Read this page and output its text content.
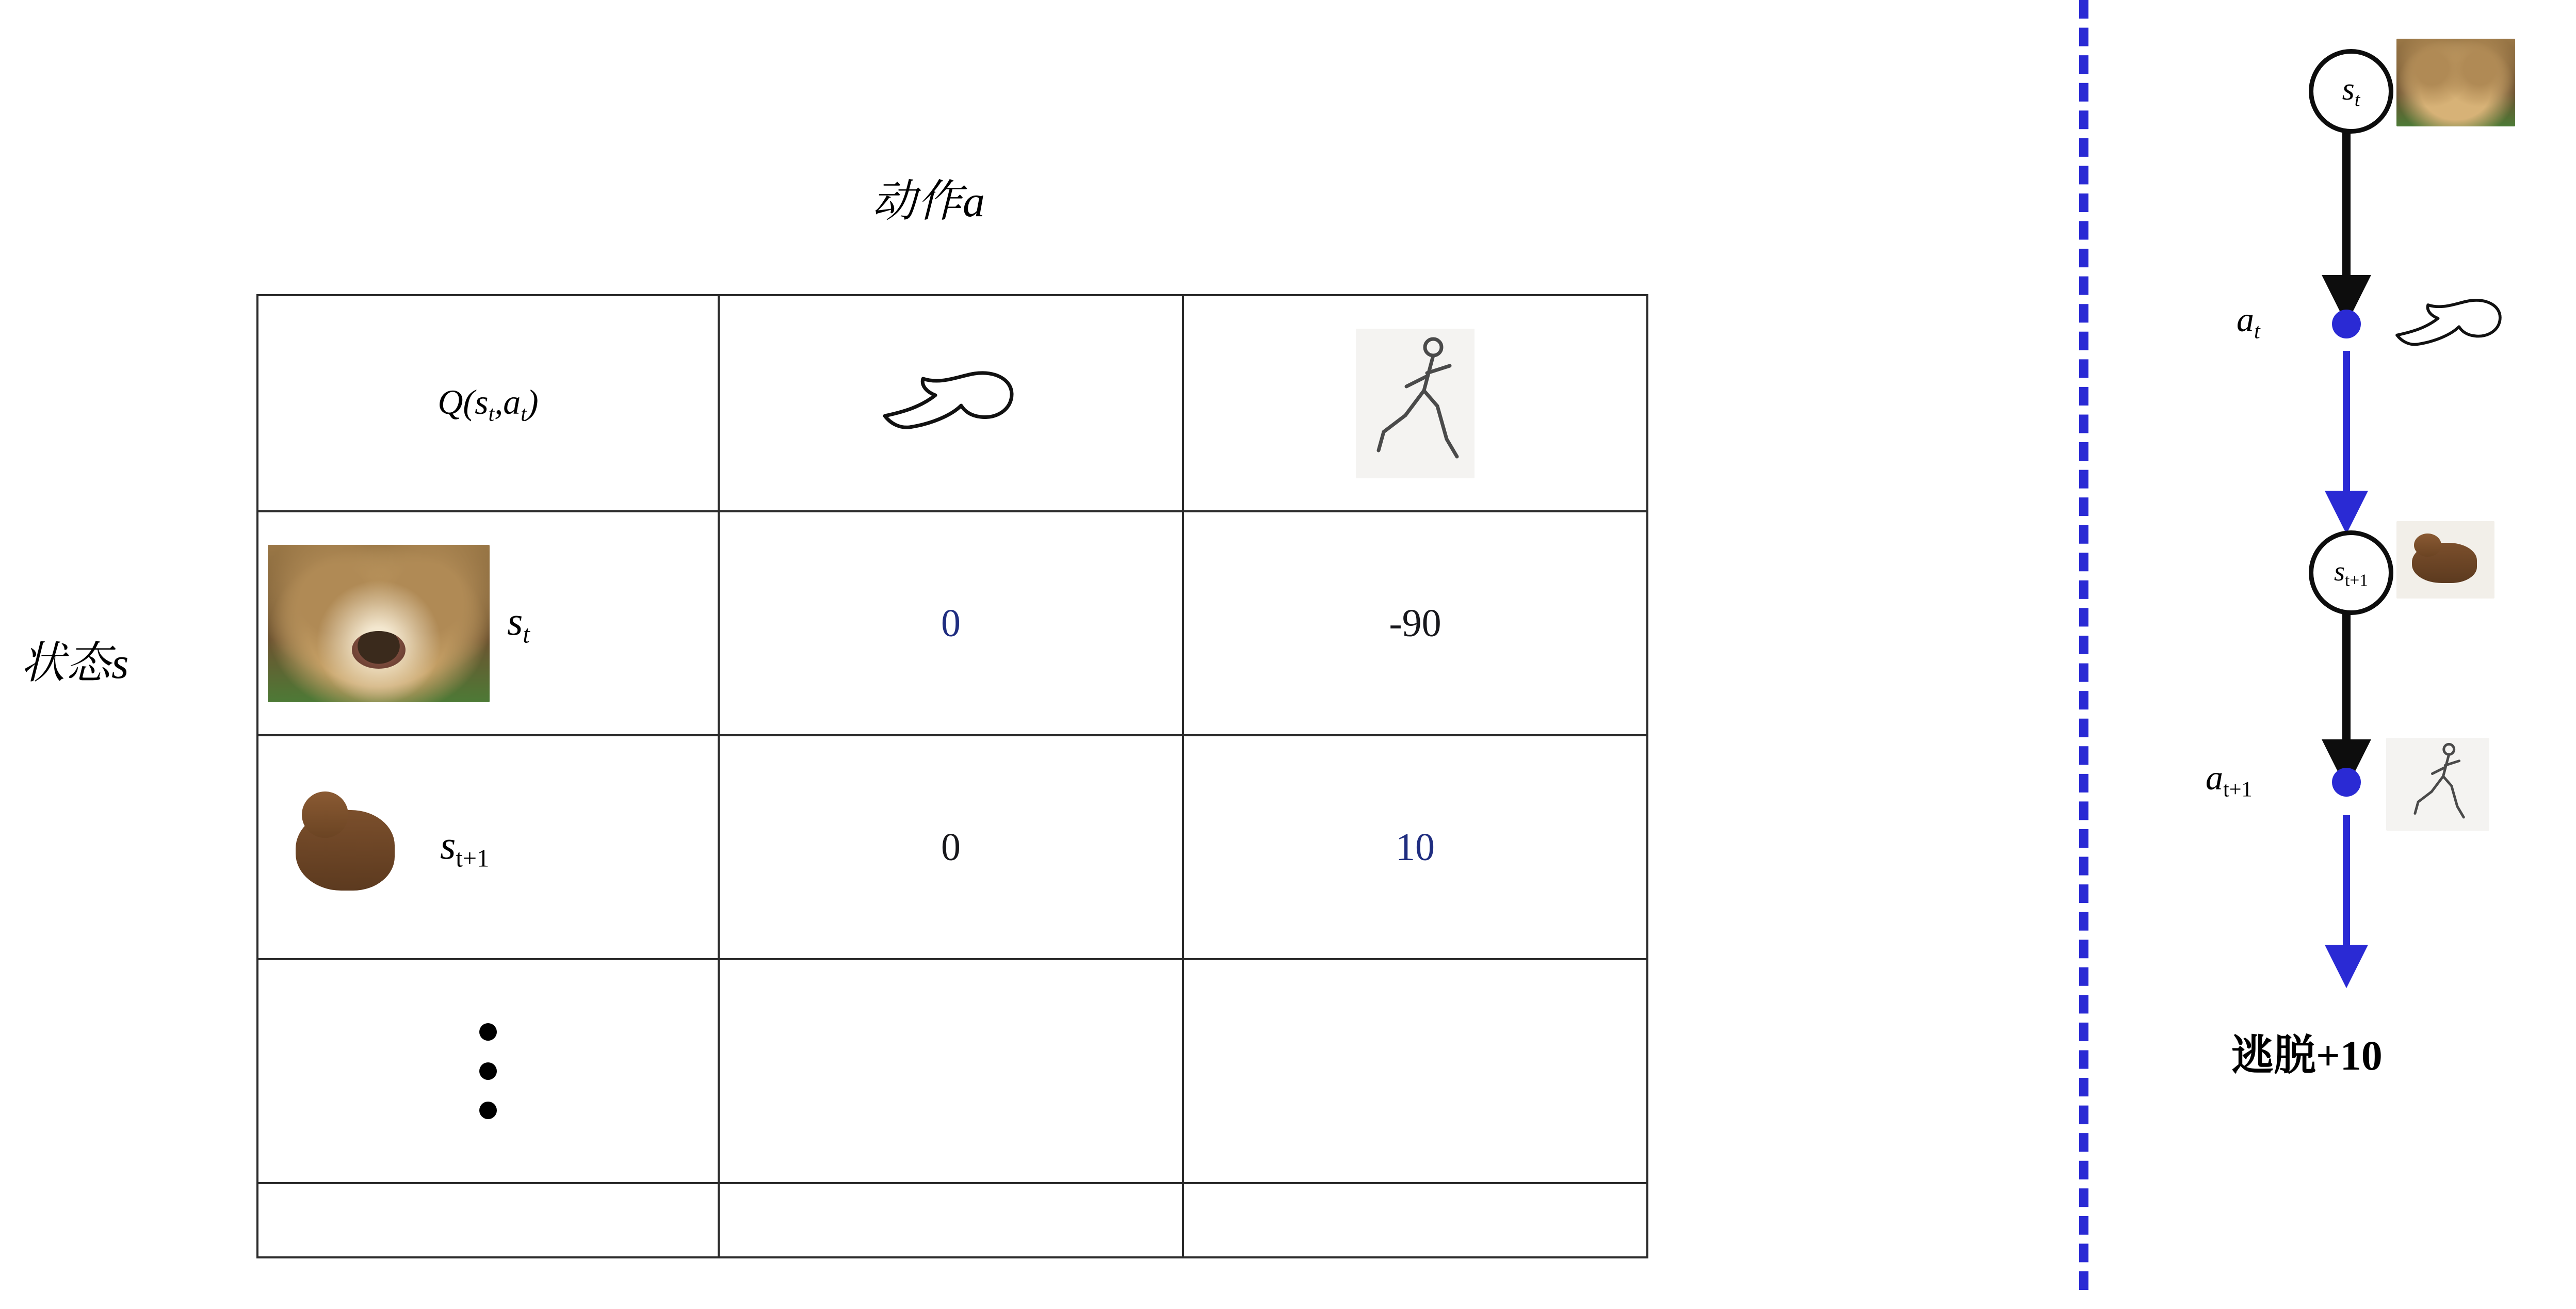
动作a
状态s
$Q(s_t,a_t)$	

$s_t$	0	-90

st+1	0	10

$s_t$
$a_t$
st+1
at+1
逃脱+10
